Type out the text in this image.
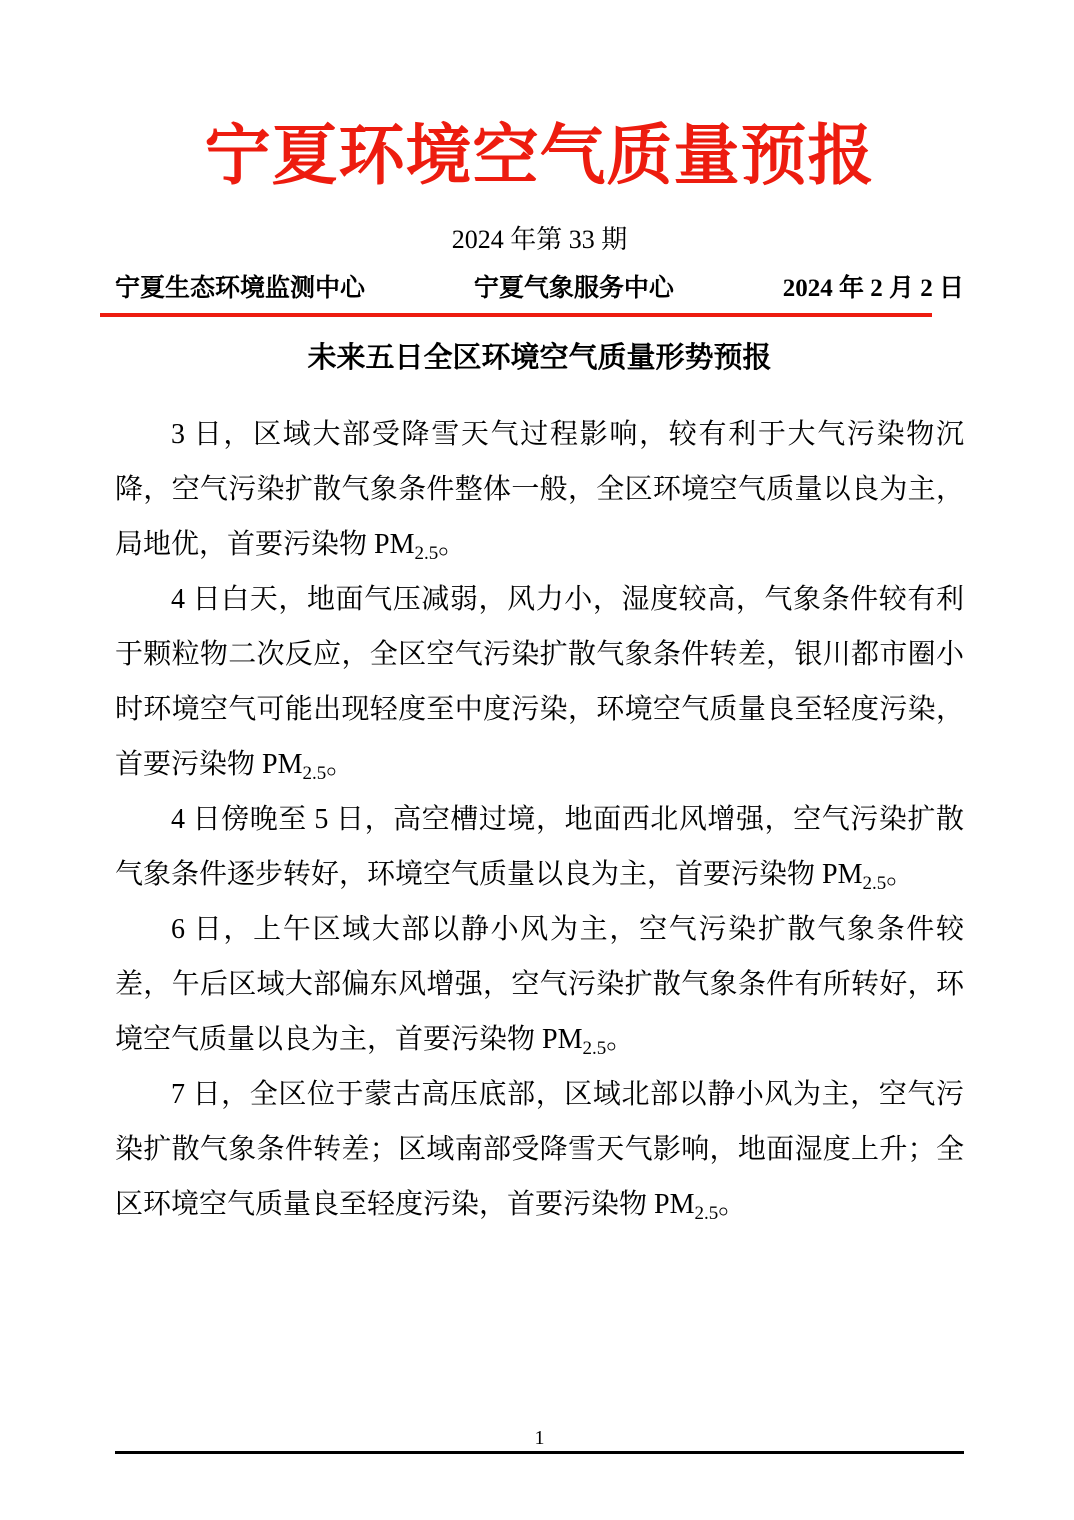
宁夏环境空气质量预报
2024 年第 33 期
宁夏生态环境监测中心	宁夏气象服务中心	2024 年 2 月 2 日
未来五日全区环境空气质量形势预报

3 日，区域大部受降雪天气过程影响，较有利于大气污染物沉降，空气污染扩散气象条件整体一般，全区环境空气质量以良为主，局地优，首要污染物 $PM_{2.5}$。

4 日白天，地面气压减弱，风力小，湿度较高，气象条件较有利于颗粒物二次反应，全区空气污染扩散气象条件转差，银川都市圈小时环境空气可能出现轻度至中度污染，环境空气质量良至轻度污染，首要污染物 $PM_{2.5}$。

4 日傍晚至 5 日，高空槽过境，地面西北风增强，空气污染扩散气象条件逐步转好，环境空气质量以良为主，首要污染物 $PM_{2.5}$。

6 日，上午区域大部以静小风为主，空气污染扩散气象条件较差，午后区域大部偏东风增强，空气污染扩散气象条件有所转好，环境空气质量以良为主，首要污染物 $PM_{2.5}$。

7 日，全区位于蒙古高压底部，区域北部以静小风为主，空气污染扩散气象条件转差；区域南部受降雪天气影响，地面湿度上升；全区环境空气质量良至轻度污染，首要污染物 $PM_{2.5}$。

1
